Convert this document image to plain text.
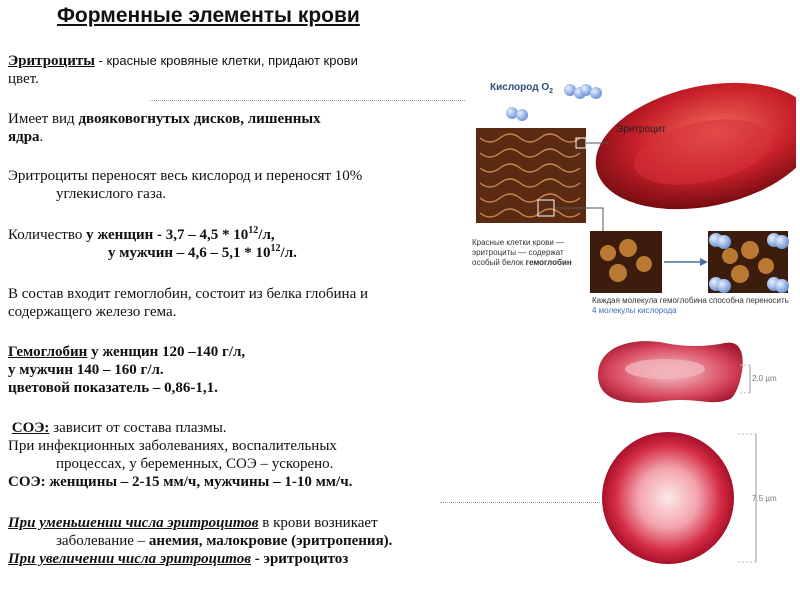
Форменные элементы крови
Эритроциты - красные кровяные клетки, придают крови
цвет.
Имеет вид двояковогнутых дисков, лишенных
ядра.
Эритроциты переносят весь кислород и переносят 10%
углекислого газа.
Количество у женщин - $3,7 - 4,5 * 10^{12}/л$,
у мужчин – $4,6 - 5,1 * 10^{12}/л$.
В состав входит гемоглобин, состоит из белка глобина и
содержащего железо гема.
Гемоглобин у женщин 120 –140 г/л,
у мужчин 140 – 160 г/л.
цветовой показатель – 0,86-1,1.
СОЭ: зависит от состава плазмы.
При инфекционных заболеваниях, воспалительных
процессах, у беременных, СОЭ – ускорено.
СОЭ: женщины – 2-15 мм/ч, мужчины – 1-10 мм/ч.
При уменьшении числа эритроцитов в крови возникает
заболевание – анемия, малокровие (эритропения).
При увеличении числа эритроцитов - эритроцитоз
Кислород $O_2$
Эритроцит
Красные клетки крови — эритроциты — содержат особый белок гемоглобин
Каждая молекула гемоглобина способна переносить 4 молекулы кислорода
2.0 µm
7.5 µm
